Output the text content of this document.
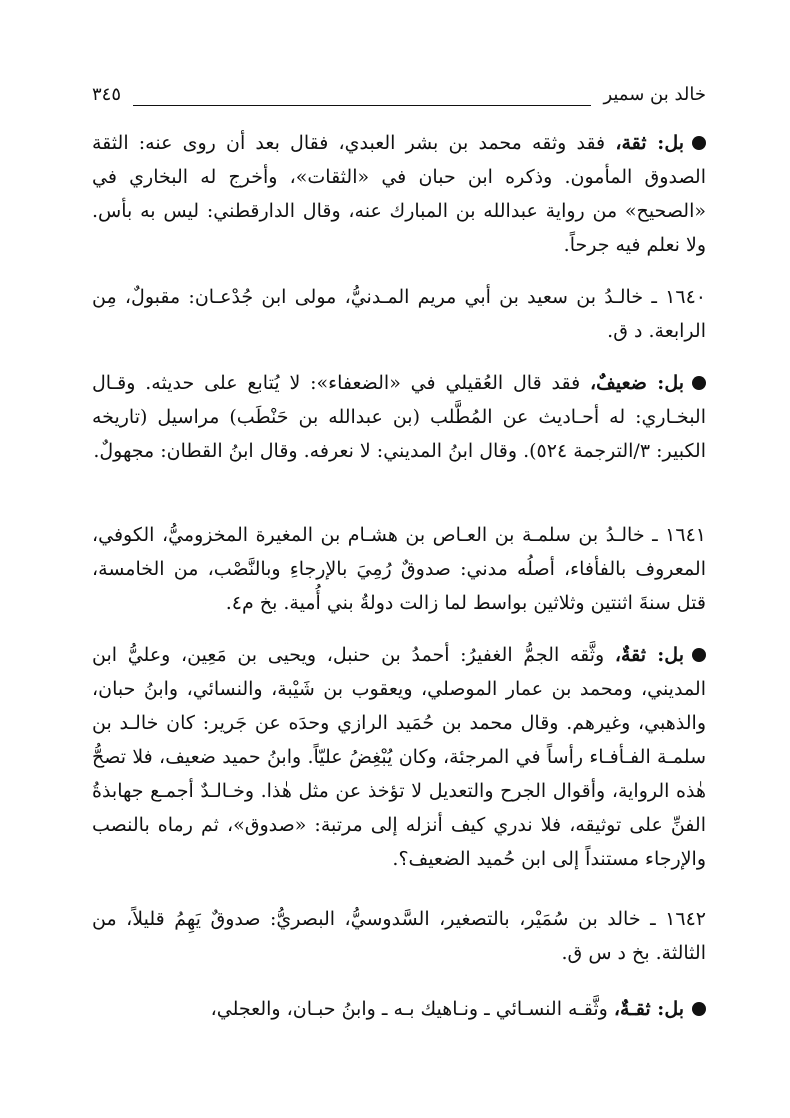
خالد بن سمير
٣٤٥

بل: ثقة، فقد وثقه محمد بن بشر العبدي، فقال بعد أن روى عنه: الثقة الصدوق المأمون. وذكره ابن حبان في «الثقات»، وأخرج له البخاري في «الصحيح» من رواية عبدالله بن المبارك عنه، وقال الدارقطني: ليس به بأس. ولا نعلم فيه جرحاً.

١٦٤٠ ـ خالـدُ بن سعيد بن أبي مريم المـدنيُّ، مولى ابن جُدْعـان: مقبولٌ، مِن الرابعة. د ق.

بل: ضعيفٌ، فقد قال العُقيلي في «الضعفاء»: لا يُتابع على حديثه. وقـال البخـاري: له أحـاديث عن المُطَّلب (بن عبدالله بن حَنْطَب) مراسيل (تاريخه الكبير: ٣/الترجمة ٥٢٤). وقال ابنُ المديني: لا نعرفه. وقال ابنُ القطان: مجهولٌ.

١٦٤١ ـ خالـدُ بن سلمـة بن العـاص بن هشـام بن المغيرة المخزوميُّ، الكوفي، المعروف بالفأفاء، أصلُه مدني: صدوقٌ رُمِيَ بالإرجاءِ وبالنَّصْب، من الخامسة، قتل سنةَ اثنتين وثلاثين بواسط لما زالت دولةُ بني أُمية. بخ م٤.

بل: ثقةٌ، وثَّقه الجمُّ الغفيرُ: أحمدُ بن حنبل، ويحيى بن مَعِين، وعليُّ ابن المديني، ومحمد بن عمار الموصلي، ويعقوب بن شَيْبة، والنسائي، وابنُ حبان، والذهبي، وغيرهم. وقال محمد بن حُمَيد الرازي وحدَه عن جَرير: كان خالـد بن سلمـة الفـأفـاء رأساً في المرجئة، وكان يُبْغِضُ عليّاً. وابنُ حميد ضعيف، فلا تصحُّ هٰذه الرواية، وأقوال الجرح والتعديل لا تؤخذ عن مثل هٰذا. وخـالـدٌ أجمـع جهابذةُ الفنِّ على توثيقه، فلا ندري كيف أنزله إلى مرتبة: «صدوق»، ثم رماه بالنصب والإرجاء مستنداً إلى ابن حُميد الضعيف؟.

١٦٤٢ ـ خالد بن سُمَيْر، بالتصغير، السَّدوسيُّ، البصريُّ: صدوقٌ يَهِمُ قليلاً، من الثالثة. بخ د س ق.

بل: ثقـةٌ، وثَّقـه النسـائي ـ ونـاهيك بـه ـ وابنُ حبـان، والعجلي،
